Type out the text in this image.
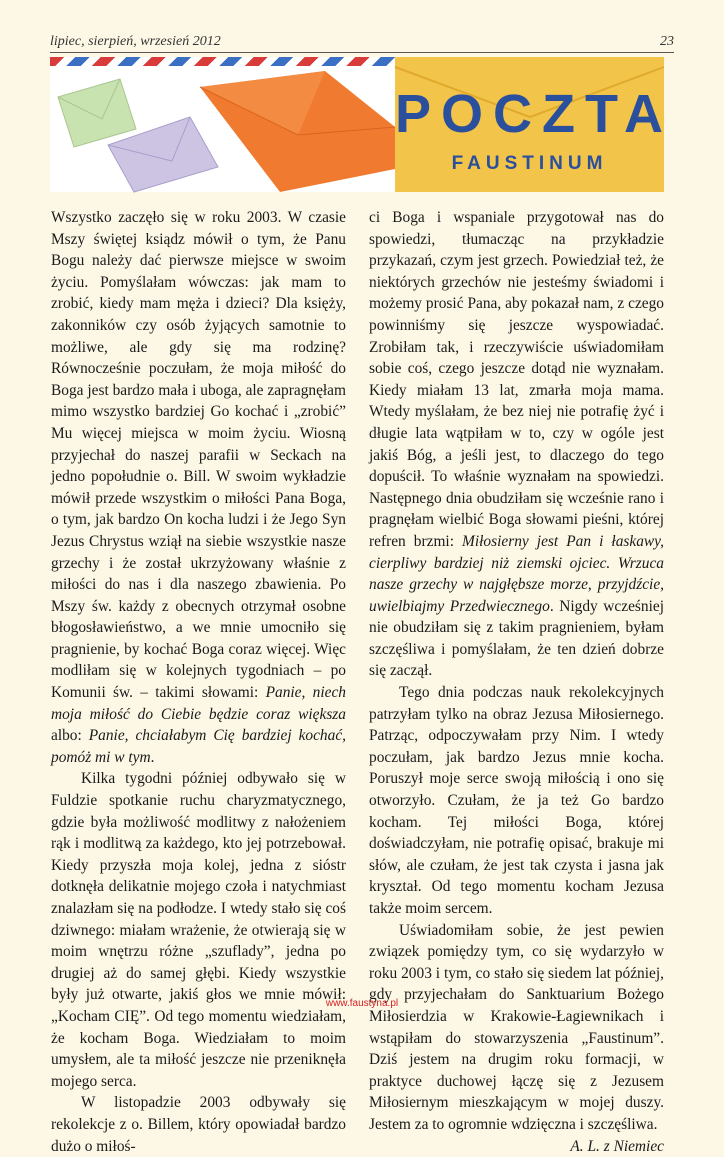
lipiec, sierpień, wrzesień 2012	23
POCZTA
FAUSTINUM

Wszystko zaczęło się w roku 2003. W czasie Mszy świętej ksiądz mówił o tym, że Panu Bogu należy dać pierwsze miejsce w swoim życiu. Pomyślałam wówczas: jak mam to zrobić, kiedy mam męża i dzieci? Dla księży, zakonników czy osób żyjących samotnie to możliwe, ale gdy się ma rodzinę? Równocześnie poczułam, że moja miłość do Boga jest bardzo mała i uboga, ale zapragnęłam mimo wszystko bardziej Go kochać i „zrobić” Mu więcej miejsca w moim życiu. Wiosną przyjechał do naszej parafii w Seckach na jedno popołudnie o. Bill. W swoim wykładzie mówił przede wszystkim o miłości Pana Boga, o tym, jak bardzo On kocha ludzi i że Jego Syn Jezus Chrystus wziął na siebie wszystkie nasze grzechy i że został ukrzyżowany właśnie z miłości do nas i dla naszego zbawienia. Po Mszy św. każdy z obecnych otrzymał osobne błogosławieństwo, a we mnie umocniło się pragnienie, by kochać Boga coraz więcej. Więc modliłam się w kolejnych tygodniach – po Komunii św. – takimi słowami: Panie, niech moja miłość do Ciebie będzie coraz większa albo: Panie, chciałabym Cię bardziej kochać, pomóż mi w tym.

Kilka tygodni później odbywało się w Fuldzie spotkanie ruchu charyzmatycznego, gdzie była możliwość modlitwy z nałożeniem rąk i modlitwą za każdego, kto jej potrzebował. Kiedy przyszła moja kolej, jedna z sióstr dotknęła delikatnie mojego czoła i natychmiast znalazłam się na podłodze. I wtedy stało się coś dziwnego: miałam wrażenie, że otwierają się w moim wnętrzu różne „szuflady”, jedna po drugiej aż do samej głębi. Kiedy wszystkie były już otwarte, jakiś głos we mnie mówił: „Kocham CIĘ”. Od tego momentu wiedziałam, że kocham Boga. Wiedziałam to moim umysłem, ale ta miłość jeszcze nie przeniknęła mojego serca.

W listopadzie 2003 odbywały się rekolekcje z o. Billem, który opowiadał bardzo dużo o miłoś-

ci Boga i wspaniale przygotował nas do spowiedzi, tłumacząc na przykładzie przykazań, czym jest grzech. Powiedział też, że niektórych grzechów nie jesteśmy świadomi i możemy prosić Pana, aby pokazał nam, z czego powinniśmy się jeszcze wyspowiadać. Zrobiłam tak, i rzeczywiście uświadomiłam sobie coś, czego jeszcze dotąd nie wyznałam. Kiedy miałam 13 lat, zmarła moja mama. Wtedy myślałam, że bez niej nie potrafię żyć i długie lata wątpiłam w to, czy w ogóle jest jakiś Bóg, a jeśli jest, to dlaczego do tego dopuścił. To właśnie wyznałam na spowiedzi. Następnego dnia obudziłam się wcześnie rano i pragnęłam wielbić Boga słowami pieśni, której refren brzmi: Miłosierny jest Pan i łaskawy, cierpliwy bardziej niż ziemski ojciec. Wrzuca nasze grzechy w najgłębsze morze, przyjdźcie, uwielbiajmy Przedwiecznego. Nigdy wcześniej nie obudziłam się z takim pragnieniem, byłam szczęśliwa i pomyślałam, że ten dzień dobrze się zaczął.

Tego dnia podczas nauk rekolekcyjnych patrzyłam tylko na obraz Jezusa Miłosiernego. Patrząc, odpoczywałam przy Nim. I wtedy poczułam, jak bardzo Jezus mnie kocha. Poruszył moje serce swoją miłością i ono się otworzyło. Czułam, że ja też Go bardzo kocham. Tej miłości Boga, której doświadczyłam, nie potrafię opisać, brakuje mi słów, ale czułam, że jest tak czysta i jasna jak kryształ. Od tego momentu kocham Jezusa także moim sercem.

Uświadomiłam sobie, że jest pewien związek pomiędzy tym, co się wydarzyło w roku 2003 i tym, co stało się siedem lat później, gdy przyjechałam do Sanktuarium Bożego Miłosierdzia w Krakowie-Łagiewnikach i wstąpiłam do stowarzyszenia „Faustinum”. Dziś jestem na drugim roku formacji, w praktyce duchowej łączę się z Jezusem Miłosiernym mieszkającym w mojej duszy. Jestem za to ogromnie wdzięczna i szczęśliwa.

A. L. z Niemiec

www.faustyna.pl
